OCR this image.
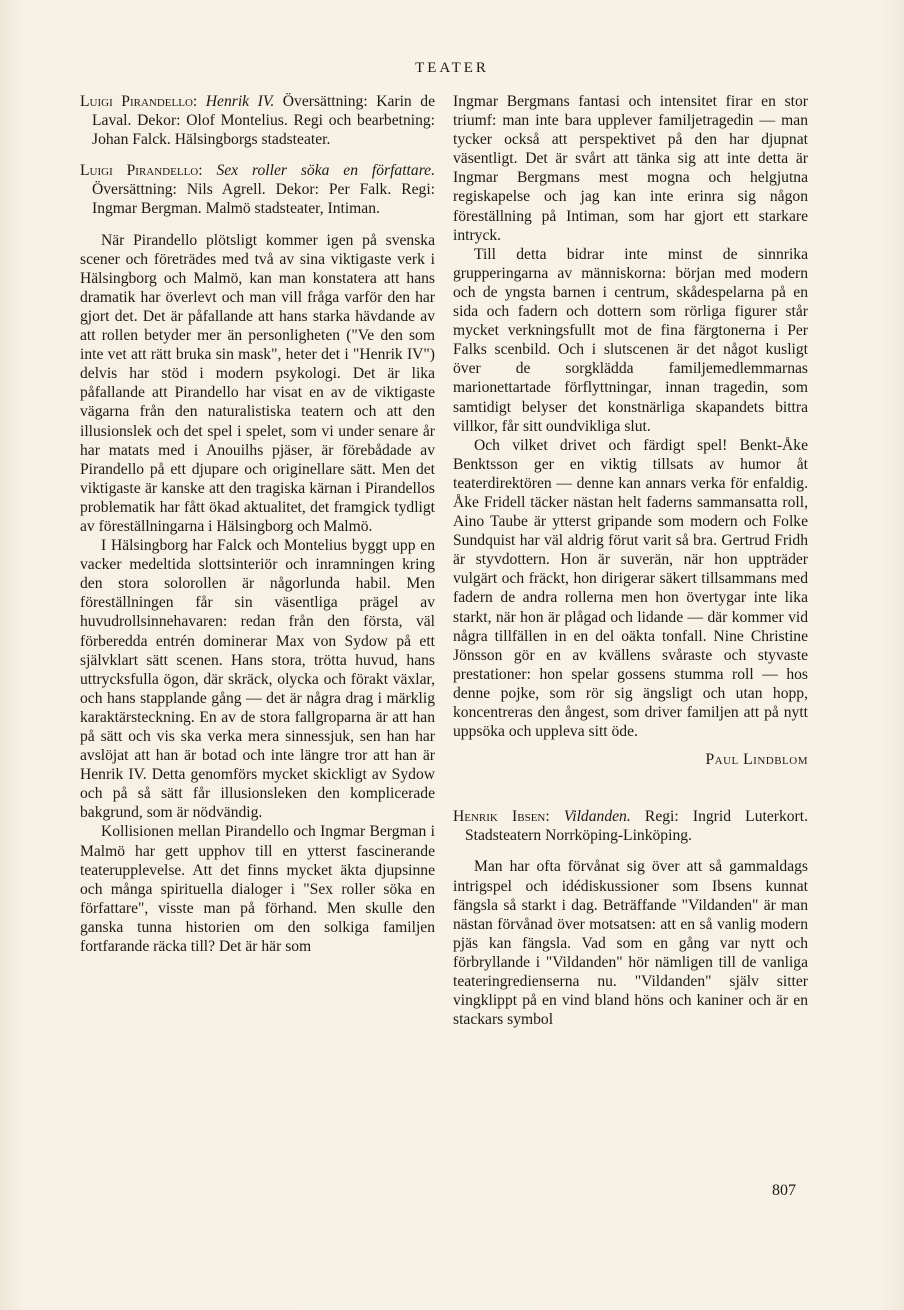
TEATER

Luigi Pirandello: Henrik IV. Översättning: Karin de Laval. Dekor: Olof Montelius. Regi och bearbetning: Johan Falck. Hälsingborgs stadsteater.

Luigi Pirandello: Sex roller söka en författare. Översättning: Nils Agrell. Dekor: Per Falk. Regi: Ingmar Bergman. Malmö stadsteater, Intiman.

När Pirandello plötsligt kommer igen på svenska scener och företrädes med två av sina viktigaste verk i Hälsingborg och Malmö, kan man konstatera att hans dramatik har överlevt och man vill fråga varför den har gjort det. Det är påfallande att hans starka hävdande av att rollen betyder mer än personligheten ("Ve den som inte vet att rätt bruka sin mask", heter det i "Henrik IV") delvis har stöd i modern psykologi. Det är lika påfallande att Pirandello har visat en av de viktigaste vägarna från den naturalistiska teatern och att den illusionslek och det spel i spelet, som vi under senare år har matats med i Anouilhs pjäser, är förebådade av Pirandello på ett djupare och originellare sätt. Men det viktigaste är kanske att den tragiska kärnan i Pirandellos problematik har fått ökad aktualitet, det framgick tydligt av föreställningarna i Hälsingborg och Malmö.

I Hälsingborg har Falck och Montelius byggt upp en vacker medeltida slottsinteriör och inramningen kring den stora solorollen är någorlunda habil. Men föreställningen får sin väsentliga prägel av huvudrollsinnehavaren: redan från den första, väl förberedda entrén dominerar Max von Sydow på ett självklart sätt scenen. Hans stora, trötta huvud, hans uttrycksfulla ögon, där skräck, olycka och förakt växlar, och hans stapplande gång — det är några drag i märklig karaktärsteckning. En av de stora fallgroparna är att han på sätt och vis ska verka mera sinnessjuk, sen han har avslöjat att han är botad och inte längre tror att han är Henrik IV. Detta genomförs mycket skickligt av Sydow och på så sätt får illusionsleken den komplicerade bakgrund, som är nödvändig.

Kollisionen mellan Pirandello och Ingmar Bergman i Malmö har gett upphov till en ytterst fascinerande teaterupplevelse. Att det finns mycket äkta djupsinne och många spirituella dialoger i "Sex roller söka en författare", visste man på förhand. Men skulle den ganska tunna historien om den solkiga familjen fortfarande räcka till? Det är här som

Ingmar Bergmans fantasi och intensitet firar en stor triumf: man inte bara upplever familjetragedin — man tycker också att perspektivet på den har djupnat väsentligt. Det är svårt att tänka sig att inte detta är Ingmar Bergmans mest mogna och helgjutna regiskapelse och jag kan inte erinra sig någon föreställning på Intiman, som har gjort ett starkare intryck.

Till detta bidrar inte minst de sinnrika grupperingarna av människorna: början med modern och de yngsta barnen i centrum, skådespelarna på en sida och fadern och dottern som rörliga figurer står mycket verkningsfullt mot de fina färgtonerna i Per Falks scenbild. Och i slutscenen är det något kusligt över de sorgklädda familjemedlemmarnas marionettartade förflyttningar, innan tragedin, som samtidigt belyser det konstnärliga skapandets bittra villkor, får sitt oundvikliga slut.

Och vilket drivet och färdigt spel! Benkt-Åke Benktsson ger en viktig tillsats av humor åt teaterdirektören — denne kan annars verka för enfaldig. Åke Fridell täcker nästan helt faderns sammansatta roll, Aino Taube är ytterst gripande som modern och Folke Sundquist har väl aldrig förut varit så bra. Gertrud Fridh är styvdottern. Hon är suverän, när hon uppträder vulgärt och fräckt, hon dirigerar säkert tillsammans med fadern de andra rollerna men hon övertygar inte lika starkt, när hon är plågad och lidande — där kommer vid några tillfällen in en del oäkta tonfall. Nine Christine Jönsson gör en av kvällens svåraste och styvaste prestationer: hon spelar gossens stumma roll — hos denne pojke, som rör sig ängsligt och utan hopp, koncentreras den ångest, som driver familjen att på nytt uppsöka och uppleva sitt öde.

Paul Lindblom

Henrik Ibsen: Vildanden. Regi: Ingrid Luterkort. Stadsteatern Norrköping-Linköping.

Man har ofta förvånat sig över att så gammaldags intrigspel och idédiskussioner som Ibsens kunnat fängsla så starkt i dag. Beträffande "Vildanden" är man nästan förvånad över motsatsen: att en så vanlig modern pjäs kan fängsla. Vad som en gång var nytt och förbryllande i "Vildanden" hör nämligen till de vanliga teateringredienserna nu. "Vildanden" själv sitter vingklippt på en vind bland höns och kaniner och är en stackars symbol

807
